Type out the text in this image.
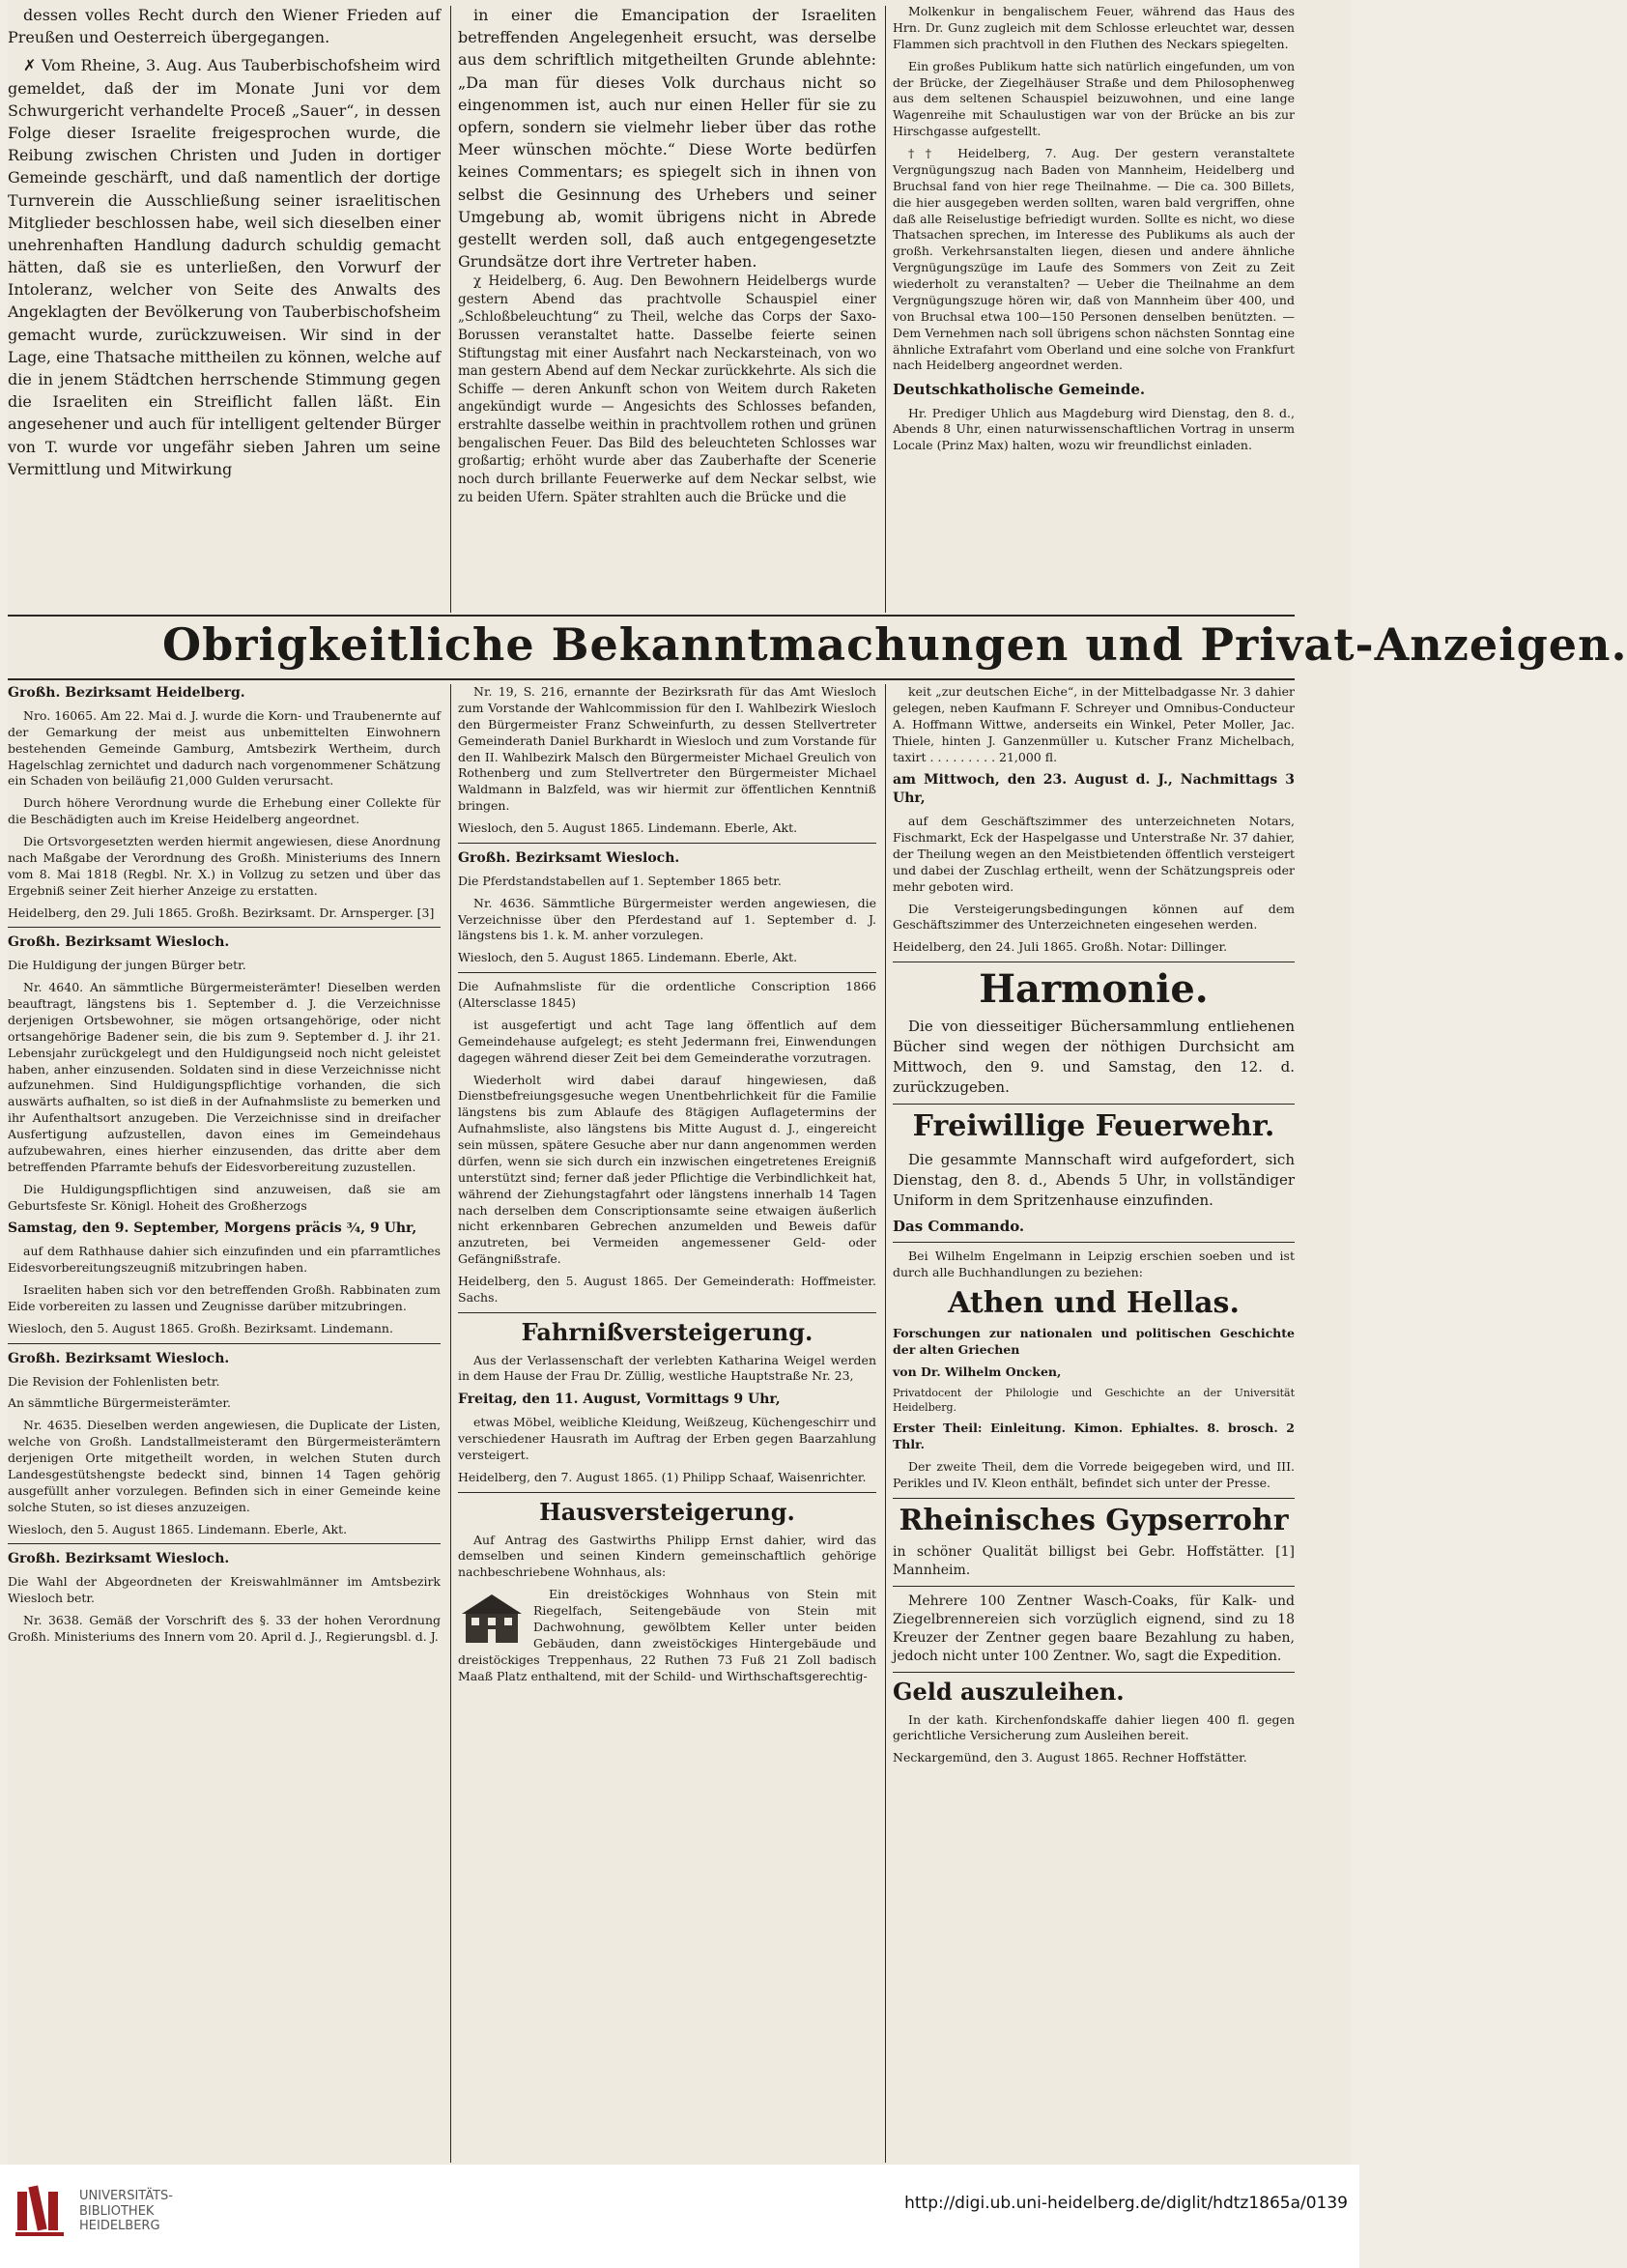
dessen volles Recht durch den Wiener Frieden auf Preußen und Oesterreich übergegangen.

✗ Vom Rheine, 3. Aug. Aus Tauberbischofsheim wird gemeldet, daß der im Monate Juni vor dem Schwurgericht verhandelte Proceß „Sauer“, in dessen Folge dieser Israelite freigesprochen wurde, die Reibung zwischen Christen und Juden in dortiger Gemeinde geschärft, und daß namentlich der dortige Turnverein die Ausschließung seiner israelitischen Mitglieder beschlossen habe, weil sich dieselben einer unehrenhaften Handlung dadurch schuldig gemacht hätten, daß sie es unterließen, den Vorwurf der Intoleranz, welcher von Seite des Anwalts des Angeklagten der Bevölkerung von Tauberbischofsheim gemacht wurde, zurückzuweisen. Wir sind in der Lage, eine Thatsache mittheilen zu können, welche auf die in jenem Städtchen herrschende Stimmung gegen die Israeliten ein Streiflicht fallen läßt. Ein angesehener und auch für intelligent geltender Bürger von T. wurde vor ungefähr sieben Jahren um seine Vermittlung und Mitwirkung

in einer die Emancipation der Israeliten betreffenden Angelegenheit ersucht, was derselbe aus dem schriftlich mitgetheilten Grunde ablehnte: „Da man für dieses Volk durchaus nicht so eingenommen ist, auch nur einen Heller für sie zu opfern, sondern sie vielmehr lieber über das rothe Meer wünschen möchte.“ Diese Worte bedürfen keines Commentars; es spiegelt sich in ihnen von selbst die Gesinnung des Urhebers und seiner Umgebung ab, womit übrigens nicht in Abrede gestellt werden soll, daß auch entgegengesetzte Grundsätze dort ihre Vertreter haben.

χ Heidelberg, 6. Aug. Den Bewohnern Heidelbergs wurde gestern Abend das prachtvolle Schauspiel einer „Schloßbeleuchtung“ zu Theil, welche das Corps der Saxo-Borussen veranstaltet hatte. Dasselbe feierte seinen Stiftungstag mit einer Ausfahrt nach Neckarsteinach, von wo man gestern Abend auf dem Neckar zurückkehrte. Als sich die Schiffe — deren Ankunft schon von Weitem durch Raketen angekündigt wurde — Angesichts des Schlosses befanden, erstrahlte dasselbe weithin in prachtvollem rothen und grünen bengalischen Feuer. Das Bild des beleuchteten Schlosses war großartig; erhöht wurde aber das Zauberhafte der Scenerie noch durch brillante Feuerwerke auf dem Neckar selbst, wie zu beiden Ufern. Später strahlten auch die Brücke und die

Molkenkur in bengalischem Feuer, während das Haus des Hrn. Dr. Gunz zugleich mit dem Schlosse erleuchtet war, dessen Flammen sich prachtvoll in den Fluthen des Neckars spiegelten.

Ein großes Publikum hatte sich natürlich eingefunden, um von der Brücke, der Ziegelhäuser Straße und dem Philosophenweg aus dem seltenen Schauspiel beizuwohnen, und eine lange Wagenreihe mit Schaulustigen war von der Brücke an bis zur Hirschgasse aufgestellt.

†† Heidelberg, 7. Aug. Der gestern veranstaltete Vergnügungszug nach Baden von Mannheim, Heidelberg und Bruchsal fand von hier rege Theilnahme. — Die ca. 300 Billets, die hier ausgegeben werden sollten, waren bald vergriffen, ohne daß alle Reiselustige befriedigt wurden. Sollte es nicht, wo diese Thatsachen sprechen, im Interesse des Publikums als auch der großh. Verkehrsanstalten liegen, diesen und andere ähnliche Vergnügungszüge im Laufe des Sommers von Zeit zu Zeit wiederholt zu veranstalten? — Ueber die Theilnahme an dem Vergnügungszuge hören wir, daß von Mannheim über 400, und von Bruchsal etwa 100—150 Personen denselben benützten. — Dem Vernehmen nach soll übrigens schon nächsten Sonntag eine ähnliche Extrafahrt vom Oberland und eine solche von Frankfurt nach Heidelberg angeordnet werden.

Deutschkatholische Gemeinde.

Hr. Prediger Uhlich aus Magdeburg wird Dienstag, den 8. d., Abends 8 Uhr, einen naturwissenschaftlichen Vortrag in unserm Locale (Prinz Max) halten, wozu wir freundlichst einladen.

Obrigkeitliche Bekanntmachungen und Privat-Anzeigen.

Großh. Bezirksamt Heidelberg.

Nro. 16065. Am 22. Mai d. J. wurde die Korn- und Traubenernte auf der Gemarkung der meist aus unbemittelten Einwohnern bestehenden Gemeinde Gamburg, Amtsbezirk Wertheim, durch Hagelschlag zernichtet und dadurch nach vorgenommener Schätzung ein Schaden von beiläufig 21,000 Gulden verursacht.

Durch höhere Verordnung wurde die Erhebung einer Collekte für die Beschädigten auch im Kreise Heidelberg angeordnet.

Die Ortsvorgesetzten werden hiermit angewiesen, diese Anordnung nach Maßgabe der Verordnung des Großh. Ministeriums des Innern vom 8. Mai 1818 (Regbl. Nr. X.) in Vollzug zu setzen und über das Ergebniß seiner Zeit hierher Anzeige zu erstatten.

Heidelberg, den 29. Juli 1865. Großh. Bezirksamt. Dr. Arnsperger. [3]

Großh. Bezirksamt Wiesloch.

Die Huldigung der jungen Bürger betr.

Nr. 4640. An sämmtliche Bürgermeisterämter! Dieselben werden beauftragt, längstens bis 1. September d. J. die Verzeichnisse derjenigen Ortsbewohner, sie mögen ortsangehörige, oder nicht ortsangehörige Badener sein, die bis zum 9. September d. J. ihr 21. Lebensjahr zurückgelegt und den Huldigungseid noch nicht geleistet haben, anher einzusenden. Soldaten sind in diese Verzeichnisse nicht aufzunehmen. Sind Huldigungspflichtige vorhanden, die sich auswärts aufhalten, so ist dieß in der Aufnahmsliste zu bemerken und ihr Aufenthaltsort anzugeben. Die Verzeichnisse sind in dreifacher Ausfertigung aufzustellen, davon eines im Gemeindehaus aufzubewahren, eines hierher einzusenden, das dritte aber dem betreffenden Pfarramte behufs der Eidesvorbereitung zuzustellen.

Die Huldigungspflichtigen sind anzuweisen, daß sie am Geburtsfeste Sr. Königl. Hoheit des Großherzogs

Samstag, den 9. September, Morgens präcis ¾, 9 Uhr,

auf dem Rathhause dahier sich einzufinden und ein pfarramtliches Eidesvorbereitungszeugniß mitzubringen haben.

Israeliten haben sich vor den betreffenden Großh. Rabbinaten zum Eide vorbereiten zu lassen und Zeugnisse darüber mitzubringen.

Wiesloch, den 5. August 1865. Großh. Bezirksamt. Lindemann.

Großh. Bezirksamt Wiesloch.

Die Revision der Fohlenlisten betr.

An sämmtliche Bürgermeisterämter.

Nr. 4635. Dieselben werden angewiesen, die Duplicate der Listen, welche von Großh. Landstallmeisteramt den Bürgermeisterämtern derjenigen Orte mitgetheilt worden, in welchen Stuten durch Landesgestütshengste bedeckt sind, binnen 14 Tagen gehörig ausgefüllt anher vorzulegen. Befinden sich in einer Gemeinde keine solche Stuten, so ist dieses anzuzeigen.

Wiesloch, den 5. August 1865. Lindemann. Eberle, Akt.

Großh. Bezirksamt Wiesloch.

Die Wahl der Abgeordneten der Kreiswahlmänner im Amtsbezirk Wiesloch betr.

Nr. 3638. Gemäß der Vorschrift des §. 33 der hohen Verordnung Großh. Ministeriums des Innern vom 20. April d. J., Regierungsbl. d. J.

Nr. 19, S. 216, ernannte der Bezirksrath für das Amt Wiesloch zum Vorstande der Wahlcommission für den I. Wahlbezirk Wiesloch den Bürgermeister Franz Schweinfurth, zu dessen Stellvertreter Gemeinderath Daniel Burkhardt in Wiesloch und zum Vorstande für den II. Wahlbezirk Malsch den Bürgermeister Michael Greulich von Rothenberg und zum Stellvertreter den Bürgermeister Michael Waldmann in Balzfeld, was wir hiermit zur öffentlichen Kenntniß bringen.

Wiesloch, den 5. August 1865. Lindemann. Eberle, Akt.

Großh. Bezirksamt Wiesloch.

Die Pferdstandstabellen auf 1. September 1865 betr.

Nr. 4636. Sämmtliche Bürgermeister werden angewiesen, die Verzeichnisse über den Pferdestand auf 1. September d. J. längstens bis 1. k. M. anher vorzulegen.

Wiesloch, den 5. August 1865. Lindemann. Eberle, Akt.

Die Aufnahmsliste für die ordentliche Conscription 1866 (Altersclasse 1845)

ist ausgefertigt und acht Tage lang öffentlich auf dem Gemeindehause aufgelegt; es steht Jedermann frei, Einwendungen dagegen während dieser Zeit bei dem Gemeinderathe vorzutragen.

Wiederholt wird dabei darauf hingewiesen, daß Dienstbefreiungsgesuche wegen Unentbehrlichkeit für die Familie längstens bis zum Ablaufe des 8tägigen Auflagetermins der Aufnahmsliste, also längstens bis Mitte August d. J., eingereicht sein müssen, spätere Gesuche aber nur dann angenommen werden dürfen, wenn sie sich durch ein inzwischen eingetretenes Ereigniß unterstützt sind; ferner daß jeder Pflichtige die Verbindlichkeit hat, während der Ziehungstagfahrt oder längstens innerhalb 14 Tagen nach derselben dem Conscriptionsamte seine etwaigen äußerlich nicht erkennbaren Gebrechen anzumelden und Beweis dafür anzutreten, bei Vermeiden angemessener Geld- oder Gefängnißstrafe.

Heidelberg, den 5. August 1865. Der Gemeinderath: Hoffmeister. Sachs.

Fahrnißversteigerung.

Aus der Verlassenschaft der verlebten Katharina Weigel werden in dem Hause der Frau Dr. Züllig, westliche Hauptstraße Nr. 23,

Freitag, den 11. August, Vormittags 9 Uhr,

etwas Möbel, weibliche Kleidung, Weißzeug, Küchengeschirr und verschiedener Hausrath im Auftrag der Erben gegen Baarzahlung versteigert.

Heidelberg, den 7. August 1865. (1) Philipp Schaaf, Waisenrichter.

Hausversteigerung.

Auf Antrag des Gastwirths Philipp Ernst dahier, wird das demselben und seinen Kindern gemeinschaftlich gehörige nachbeschriebene Wohnhaus, als:

Ein dreistöckiges Wohnhaus von Stein mit Riegelfach, Seitengebäude von Stein mit Dachwohnung, gewölbtem Keller unter beiden Gebäuden, dann zweistöckiges Hintergebäude und dreistöckiges Treppenhaus, 22 Ruthen 73 Fuß 21 Zoll badisch Maaß Platz enthaltend, mit der Schild- und Wirthschaftsgerechtig-

keit „zur deutschen Eiche“, in der Mittelbadgasse Nr. 3 dahier gelegen, neben Kaufmann F. Schreyer und Omnibus-Conducteur A. Hoffmann Wittwe, anderseits ein Winkel, Peter Moller, Jac. Thiele, hinten J. Ganzenmüller u. Kutscher Franz Michelbach, taxirt . . . . . . . . . 21,000 fl.

am Mittwoch, den 23. August d. J., Nachmittags 3 Uhr,

auf dem Geschäftszimmer des unterzeichneten Notars, Fischmarkt, Eck der Haspelgasse und Unterstraße Nr. 37 dahier, der Theilung wegen an den Meistbietenden öffentlich versteigert und dabei der Zuschlag ertheilt, wenn der Schätzungspreis oder mehr geboten wird.

Die Versteigerungsbedingungen können auf dem Geschäftszimmer des Unterzeichneten eingesehen werden.

Heidelberg, den 24. Juli 1865. Großh. Notar: Dillinger.

Harmonie.

Die von diesseitiger Büchersammlung entliehenen Bücher sind wegen der nöthigen Durchsicht am Mittwoch, den 9. und Samstag, den 12. d. zurückzugeben.

Freiwillige Feuerwehr.

Die gesammte Mannschaft wird aufgefordert, sich Dienstag, den 8. d., Abends 5 Uhr, in vollständiger Uniform in dem Spritzenhause einzufinden.

Das Commando.

Bei Wilhelm Engelmann in Leipzig erschien soeben und ist durch alle Buchhandlungen zu beziehen:

Athen und Hellas.

Forschungen zur nationalen und politischen Geschichte der alten Griechen

von Dr. Wilhelm Oncken,

Privatdocent der Philologie und Geschichte an der Universität Heidelberg.

Erster Theil: Einleitung. Kimon. Ephialtes. 8. brosch. 2 Thlr.

Der zweite Theil, dem die Vorrede beigegeben wird, und III. Perikles und IV. Kleon enthält, befindet sich unter der Presse.

Rheinisches Gypserrohr

in schöner Qualität billigst bei Gebr. Hoffstätter. [1] Mannheim.

Mehrere 100 Zentner Wasch-Coaks, für Kalk- und Ziegelbrennereien sich vorzüglich eignend, sind zu 18 Kreuzer der Zentner gegen baare Bezahlung zu haben, jedoch nicht unter 100 Zentner. Wo, sagt die Expedition.

Geld auszuleihen.

In der kath. Kirchenfondskaffe dahier liegen 400 fl. gegen gerichtliche Versicherung zum Ausleihen bereit.

Neckargemünd, den 3. August 1865. Rechner Hoffstätter.

UNIVERSITÄTS-
BIBLIOTHEK
HEIDELBERG
http://digi.ub.uni-heidelberg.de/diglit/hdtz1865a/0139
